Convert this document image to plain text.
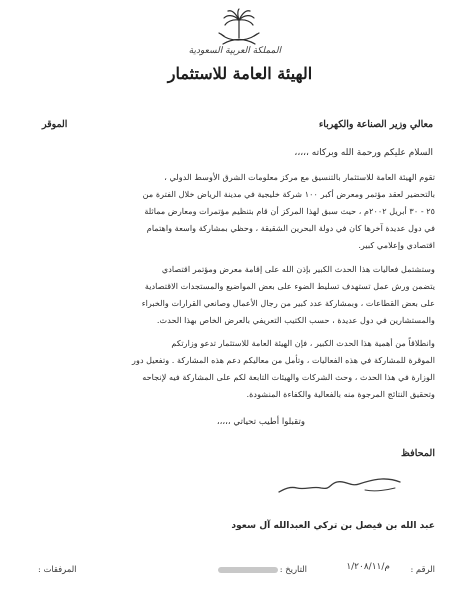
المملكة العربية السعودية
الهيئة العامة للاستثمار
معالي وزير الصناعة والكهرباء
الموقر
السلام عليكم ورحمة الله وبركاته ،،،،،
تقوم الهيئة العامة للاستثمار بالتنسيق مع مركز معلومات الشرق الأوسط الدولي ،
بالتحضير لعقد مؤتمر ومعرض أكبر ١٠٠ شركة خليجية في مدينة الرياض خلال الفترة من
٢٥ - ٣٠ أبريل ٢٠٠٢م ، حيث سبق لهذا المركز أن قام بتنظيم مؤتمرات ومعارض مماثلة
في دول عديدة آخرها كان في دولة البحرين الشقيقة ، وحظي بمشاركة واسعة واهتمام
اقتصادي وإعلامي كبير.
وستشتمل فعاليات هذا الحدث الكبير بإذن الله على إقامة معرض ومؤتمر اقتصادي
يتضمن ورش عمل تستهدف تسليط الضوء على بعض المواضيع والمستجدات الاقتصادية
على بعض القطاعات ، وبمشاركة عدد كبير من رجال الأعمال وصانعي القرارات والخبراء
والمستشارين في دول عديدة ، حسب الكتيب التعريفي بالعرض الخاص بهذا الحدث.
وانطلاقاً من أهمية هذا الحدث الكبير ، فإن الهيئة العامة للاستثمار تدعو وزارتكم
الموقرة للمشاركة في هذه الفعاليات ، وتأمل من معاليكم دعم هذه المشاركة . وتفعيل دور
الوزارة في هذا الحدث ، وحث الشركات والهيئات التابعة لكم على المشاركة فيه لإنجاحه
وتحقيق النتائج المرجوة منه بالفعالية والكفاءة المنشودة.
وتقبلوا أطيب تحياتي ،،،،،
المحافظ
عبد الله بن فيصل بن تركي العبدالله آل سعود
الرقم :
م/١/٢٠٨/١١
التاريخ :
المرفقات :
